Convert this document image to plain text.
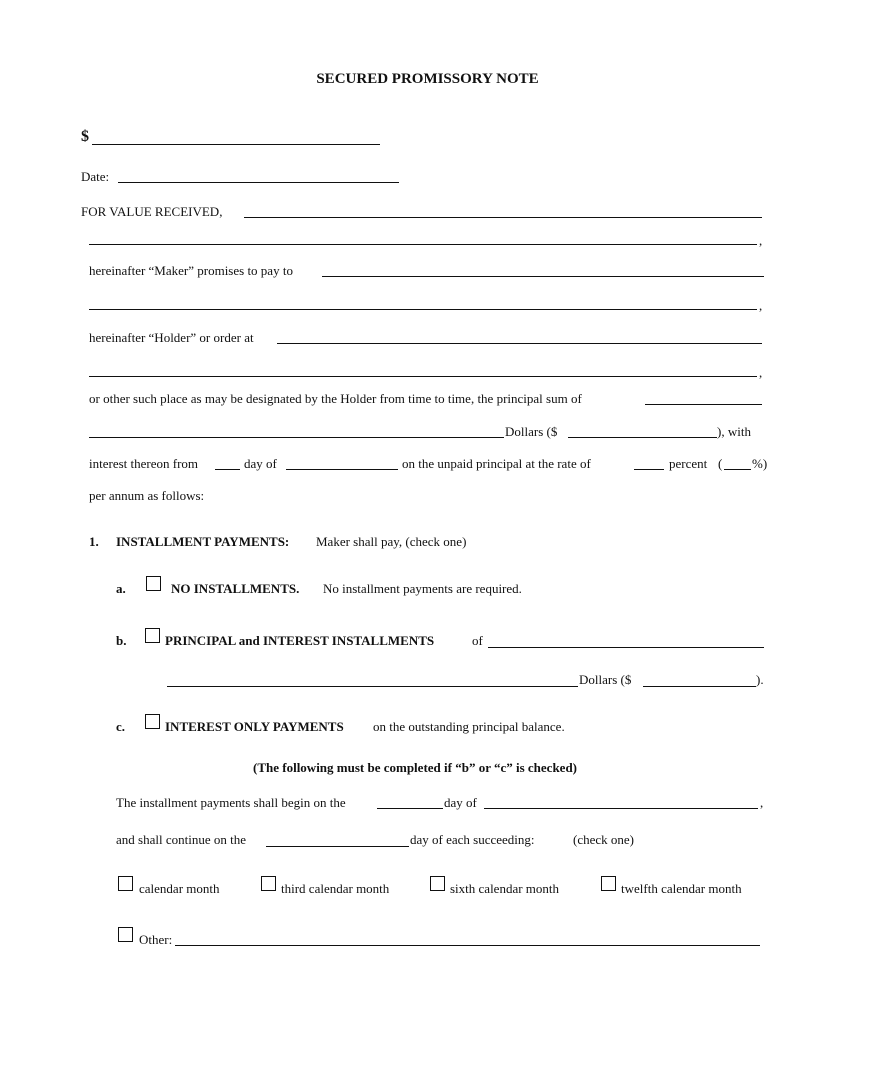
SECURED PROMISSORY NOTE
$
Date:
FOR VALUE RECEIVED,
,
hereinafter “Maker” promises to pay to
,
hereinafter “Holder” or order at
,
or other such place as may be designated by the Holder from time to time, the principal sum of
Dollars ($	), with
interest thereon from	day of	on the unpaid principal at the rate of	percent ( %)
per annum as follows:
1. INSTALLMENT PAYMENTS: Maker shall pay, (check one)
a.	NO INSTALLMENTS. No installment payments are required.
b.	PRINCIPAL and INTEREST INSTALLMENTS	of
Dollars ($	).
c.	INTEREST ONLY PAYMENTS on the outstanding principal balance.
(The following must be completed if “b” or “c” is checked)
The installment payments shall begin on the	day of	,
and shall continue on the	day of each succeeding:	(check one)
calendar month	third calendar month	sixth calendar month	twelfth calendar month
Other:
